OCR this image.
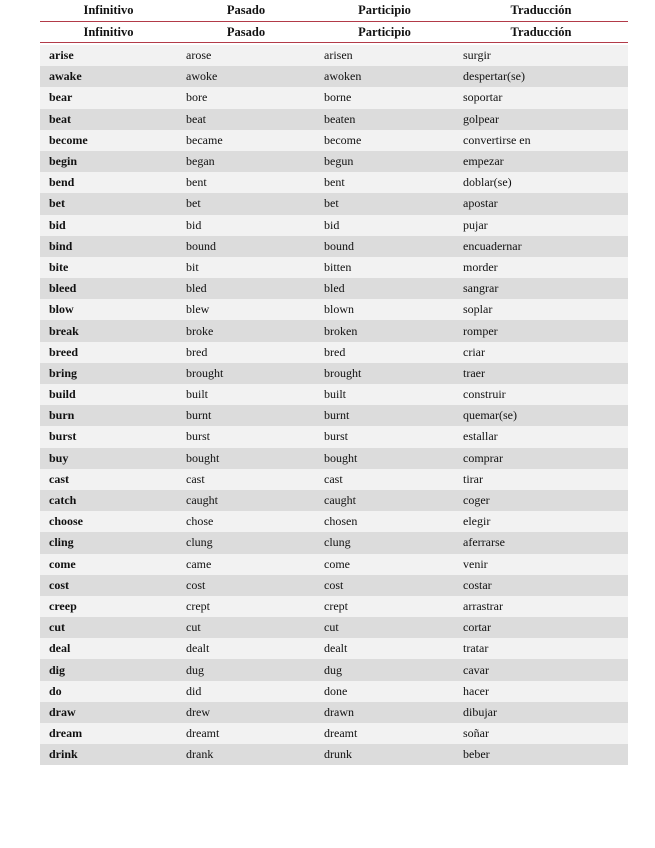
Infinitivo	Pasado	Participio	Traducción
Infinitivo	Pasado	Participio	Traducción
arise	arose	arisen	surgir
awake	awoke	awoken	despertar(se)
bear	bore	borne	soportar
beat	beat	beaten	golpear
become	became	become	convertirse en
begin	began	begun	empezar
bend	bent	bent	doblar(se)
bet	bet	bet	apostar
bid	bid	bid	pujar
bind	bound	bound	encuadernar
bite	bit	bitten	morder
bleed	bled	bled	sangrar
blow	blew	blown	soplar
break	broke	broken	romper
breed	bred	bred	criar
bring	brought	brought	traer
build	built	built	construir
burn	burnt	burnt	quemar(se)
burst	burst	burst	estallar
buy	bought	bought	comprar
cast	cast	cast	tirar
catch	caught	caught	coger
choose	chose	chosen	elegir
cling	clung	clung	aferrarse
come	came	come	venir
cost	cost	cost	costar
creep	crept	crept	arrastrar
cut	cut	cut	cortar
deal	dealt	dealt	tratar
dig	dug	dug	cavar
do	did	done	hacer
draw	drew	drawn	dibujar
dream	dreamt	dreamt	soñar
drink	drank	drunk	beber
